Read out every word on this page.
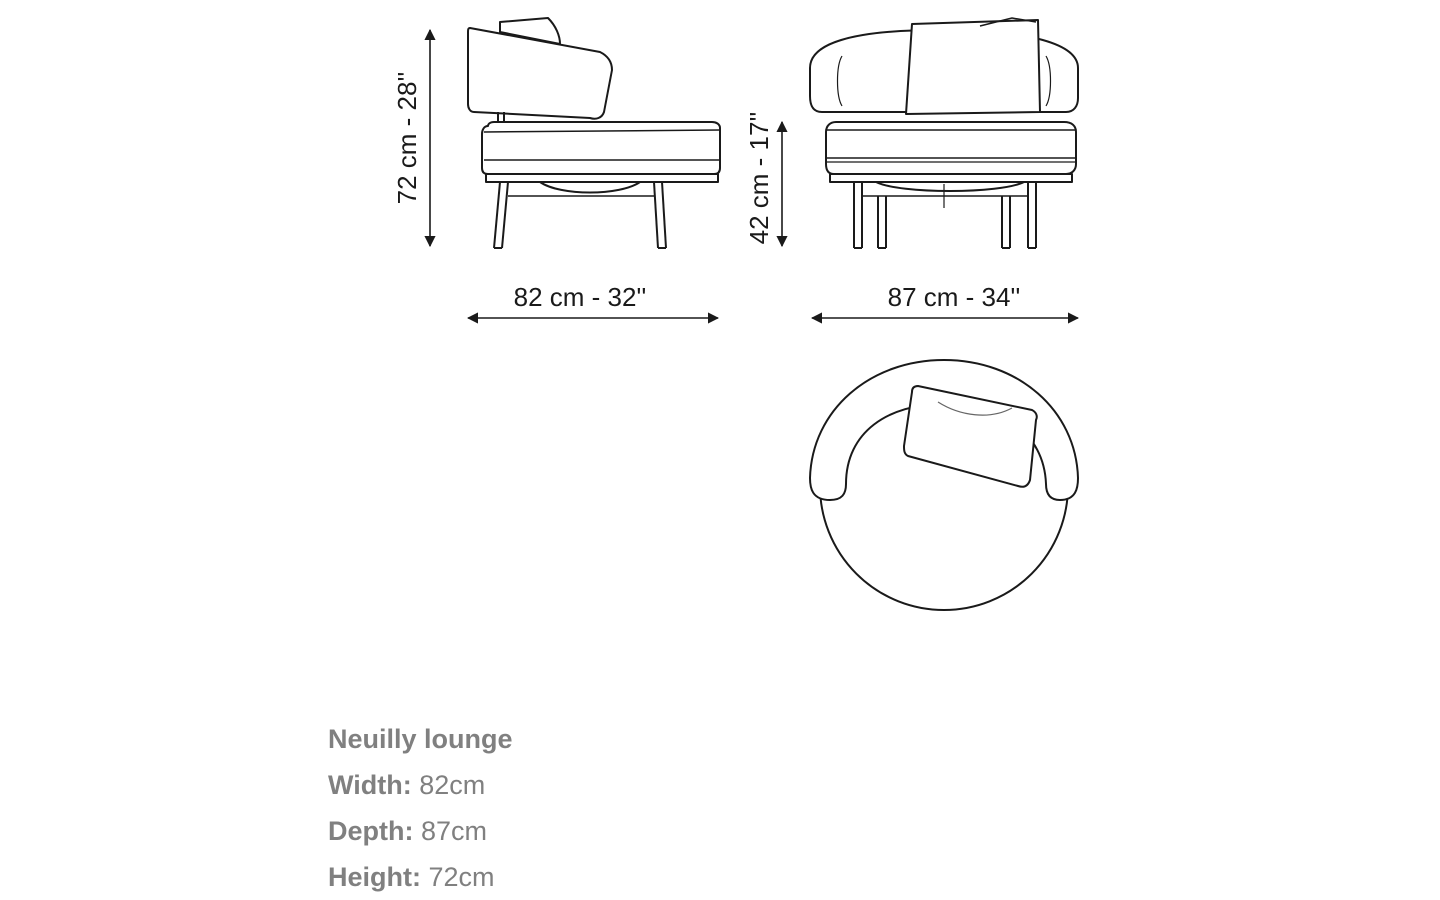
72 cm - 28''
82 cm - 32''
42 cm - 17''
87 cm - 34''
Neuilly lounge
Width: 82cm
Depth: 87cm
Height: 72cm
